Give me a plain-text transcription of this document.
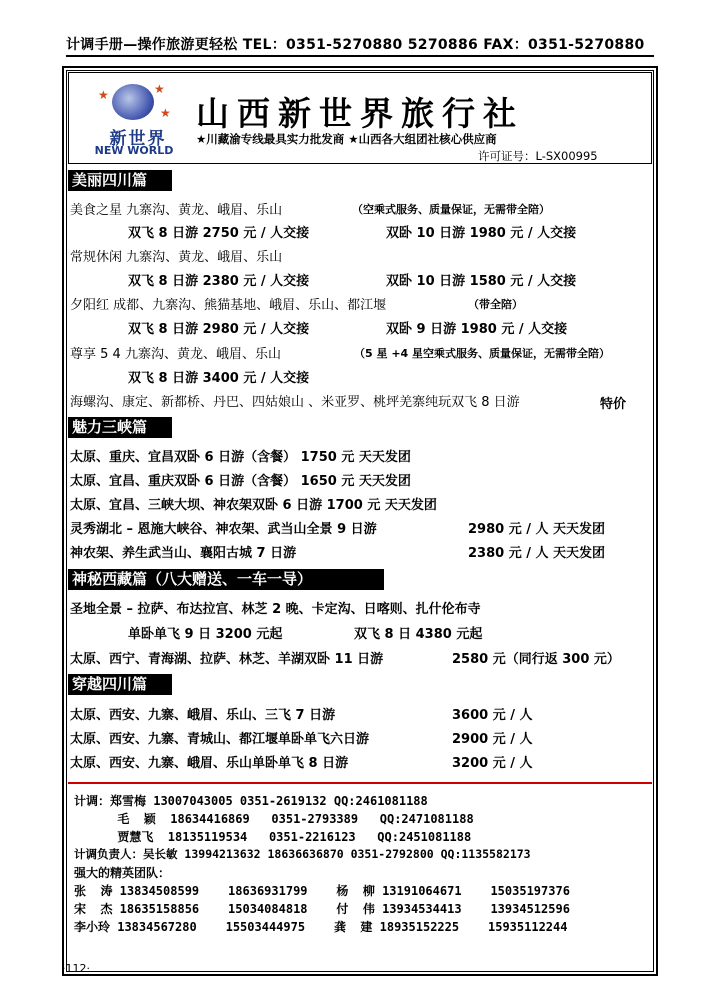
计调手册—操作旅游更轻松 TEL：0351-5270880 5270886 FAX：0351-5270880
★	★
★
新世界
NEW WORLD
山西新世界旅行社
★川藏渝专线最具实力批发商 ★山西各大组团社核心供应商
许可证号：L-SX00995
美丽四川篇
美食之星 九寨沟、黄龙、峨眉、乐山	（空乘式服务、质量保证，无需带全陪）
双飞 8 日游 2750 元 / 人交接	双卧 10 日游 1980 元 / 人交接
常规休闲 九寨沟、黄龙、峨眉、乐山
双飞 8 日游 2380 元 / 人交接	双卧 10 日游 1580 元 / 人交接
夕阳红 成都、九寨沟、熊猫基地、峨眉、乐山、都江堰	（带全陪）
双飞 8 日游 2980 元 / 人交接	双卧 9 日游 1980 元 / 人交接
尊享 5 4 九寨沟、黄龙、峨眉、乐山	（5 星 +4 星空乘式服务、质量保证，无需带全陪）
双飞 8 日游 3400 元 / 人交接
海螺沟、康定、新都桥、丹巴、四姑娘山 、米亚罗、桃坪羌寨纯玩双飞 8 日游	特价
魅力三峡篇
太原、重庆、宜昌双卧 6 日游（含餐） 1750 元 天天发团
太原、宜昌、重庆双卧 6 日游（含餐） 1650 元 天天发团
太原、宜昌、三峡大坝、神农架双卧 6 日游 1700 元 天天发团
灵秀湖北 – 恩施大峡谷、神农架、武当山全景 9 日游	2980 元 / 人 天天发团
神农架、养生武当山、襄阳古城 7 日游	2380 元 / 人 天天发团
神秘西藏篇（八大赠送、一车一导）
圣地全景 – 拉萨、布达拉宫、林芝 2 晚、卡定沟、日喀则、扎什伦布寺
单卧单飞 9 日 3200 元起	双飞 8 日 4380 元起
太原、西宁、青海湖、拉萨、林芝、羊湖双卧 11 日游	2580 元（同行返 300 元）
穿越四川篇
太原、西安、九寨、峨眉、乐山、三飞 7 日游	3600 元 / 人
太原、西安、九寨、青城山、都江堰单卧单飞六日游	2900 元 / 人
太原、西安、九寨、峨眉、乐山单卧单飞 8 日游	3200 元 / 人
计调：郑雪梅 13007043005 0351-2619132 QQ:2461081188
毛  颖  18634416869   0351-2793389   QQ:2471081188
贾慧飞  18135119534   0351-2216123   QQ:2451081188
计调负责人：吴长敏 13994213632 18636636870 0351-2792800 QQ:1135582173
强大的精英团队：
张  涛 13834508599    18636931799    杨  柳 13191064671    15035197376
宋  杰 18635158856    15034084818    付  伟 13934534413    13934512596
李小玲 13834567280    15503444975    龚  建 18935152225    15935112244
·112·
